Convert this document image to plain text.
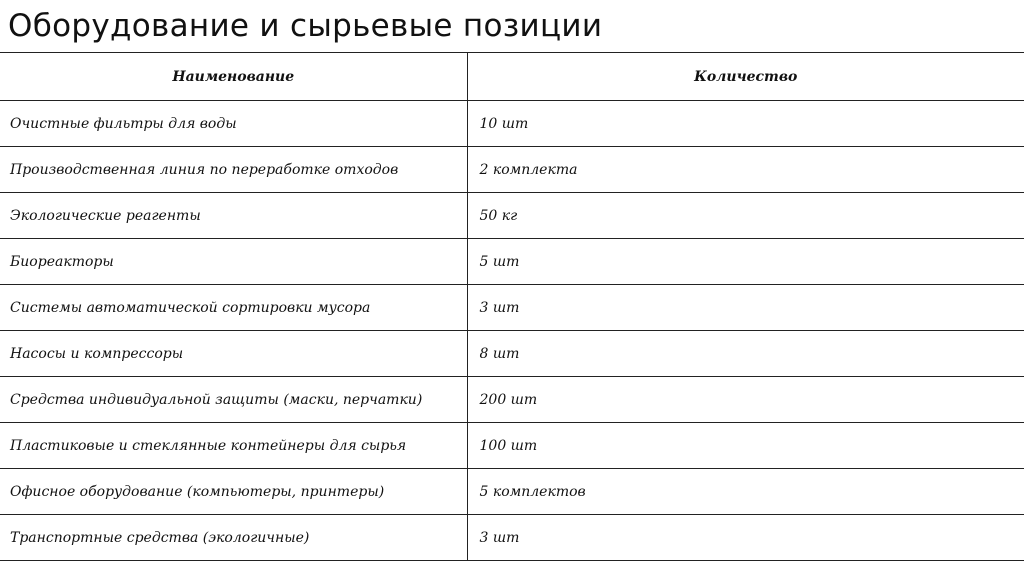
Оборудование и сырьевые позиции
Наименование	Количество
Очистные фильтры для воды	10 шт
Производственная линия по переработке отходов	2 комплекта
Экологические реагенты	50 кг
Биореакторы	5 шт
Системы автоматической сортировки мусора	3 шт
Насосы и компрессоры	8 шт
Средства индивидуальной защиты (маски, перчатки)	200 шт
Пластиковые и стеклянные контейнеры для сырья	100 шт
Офисное оборудование (компьютеры, принтеры)	5 комплектов
Транспортные средства (экологичные)	3 шт
